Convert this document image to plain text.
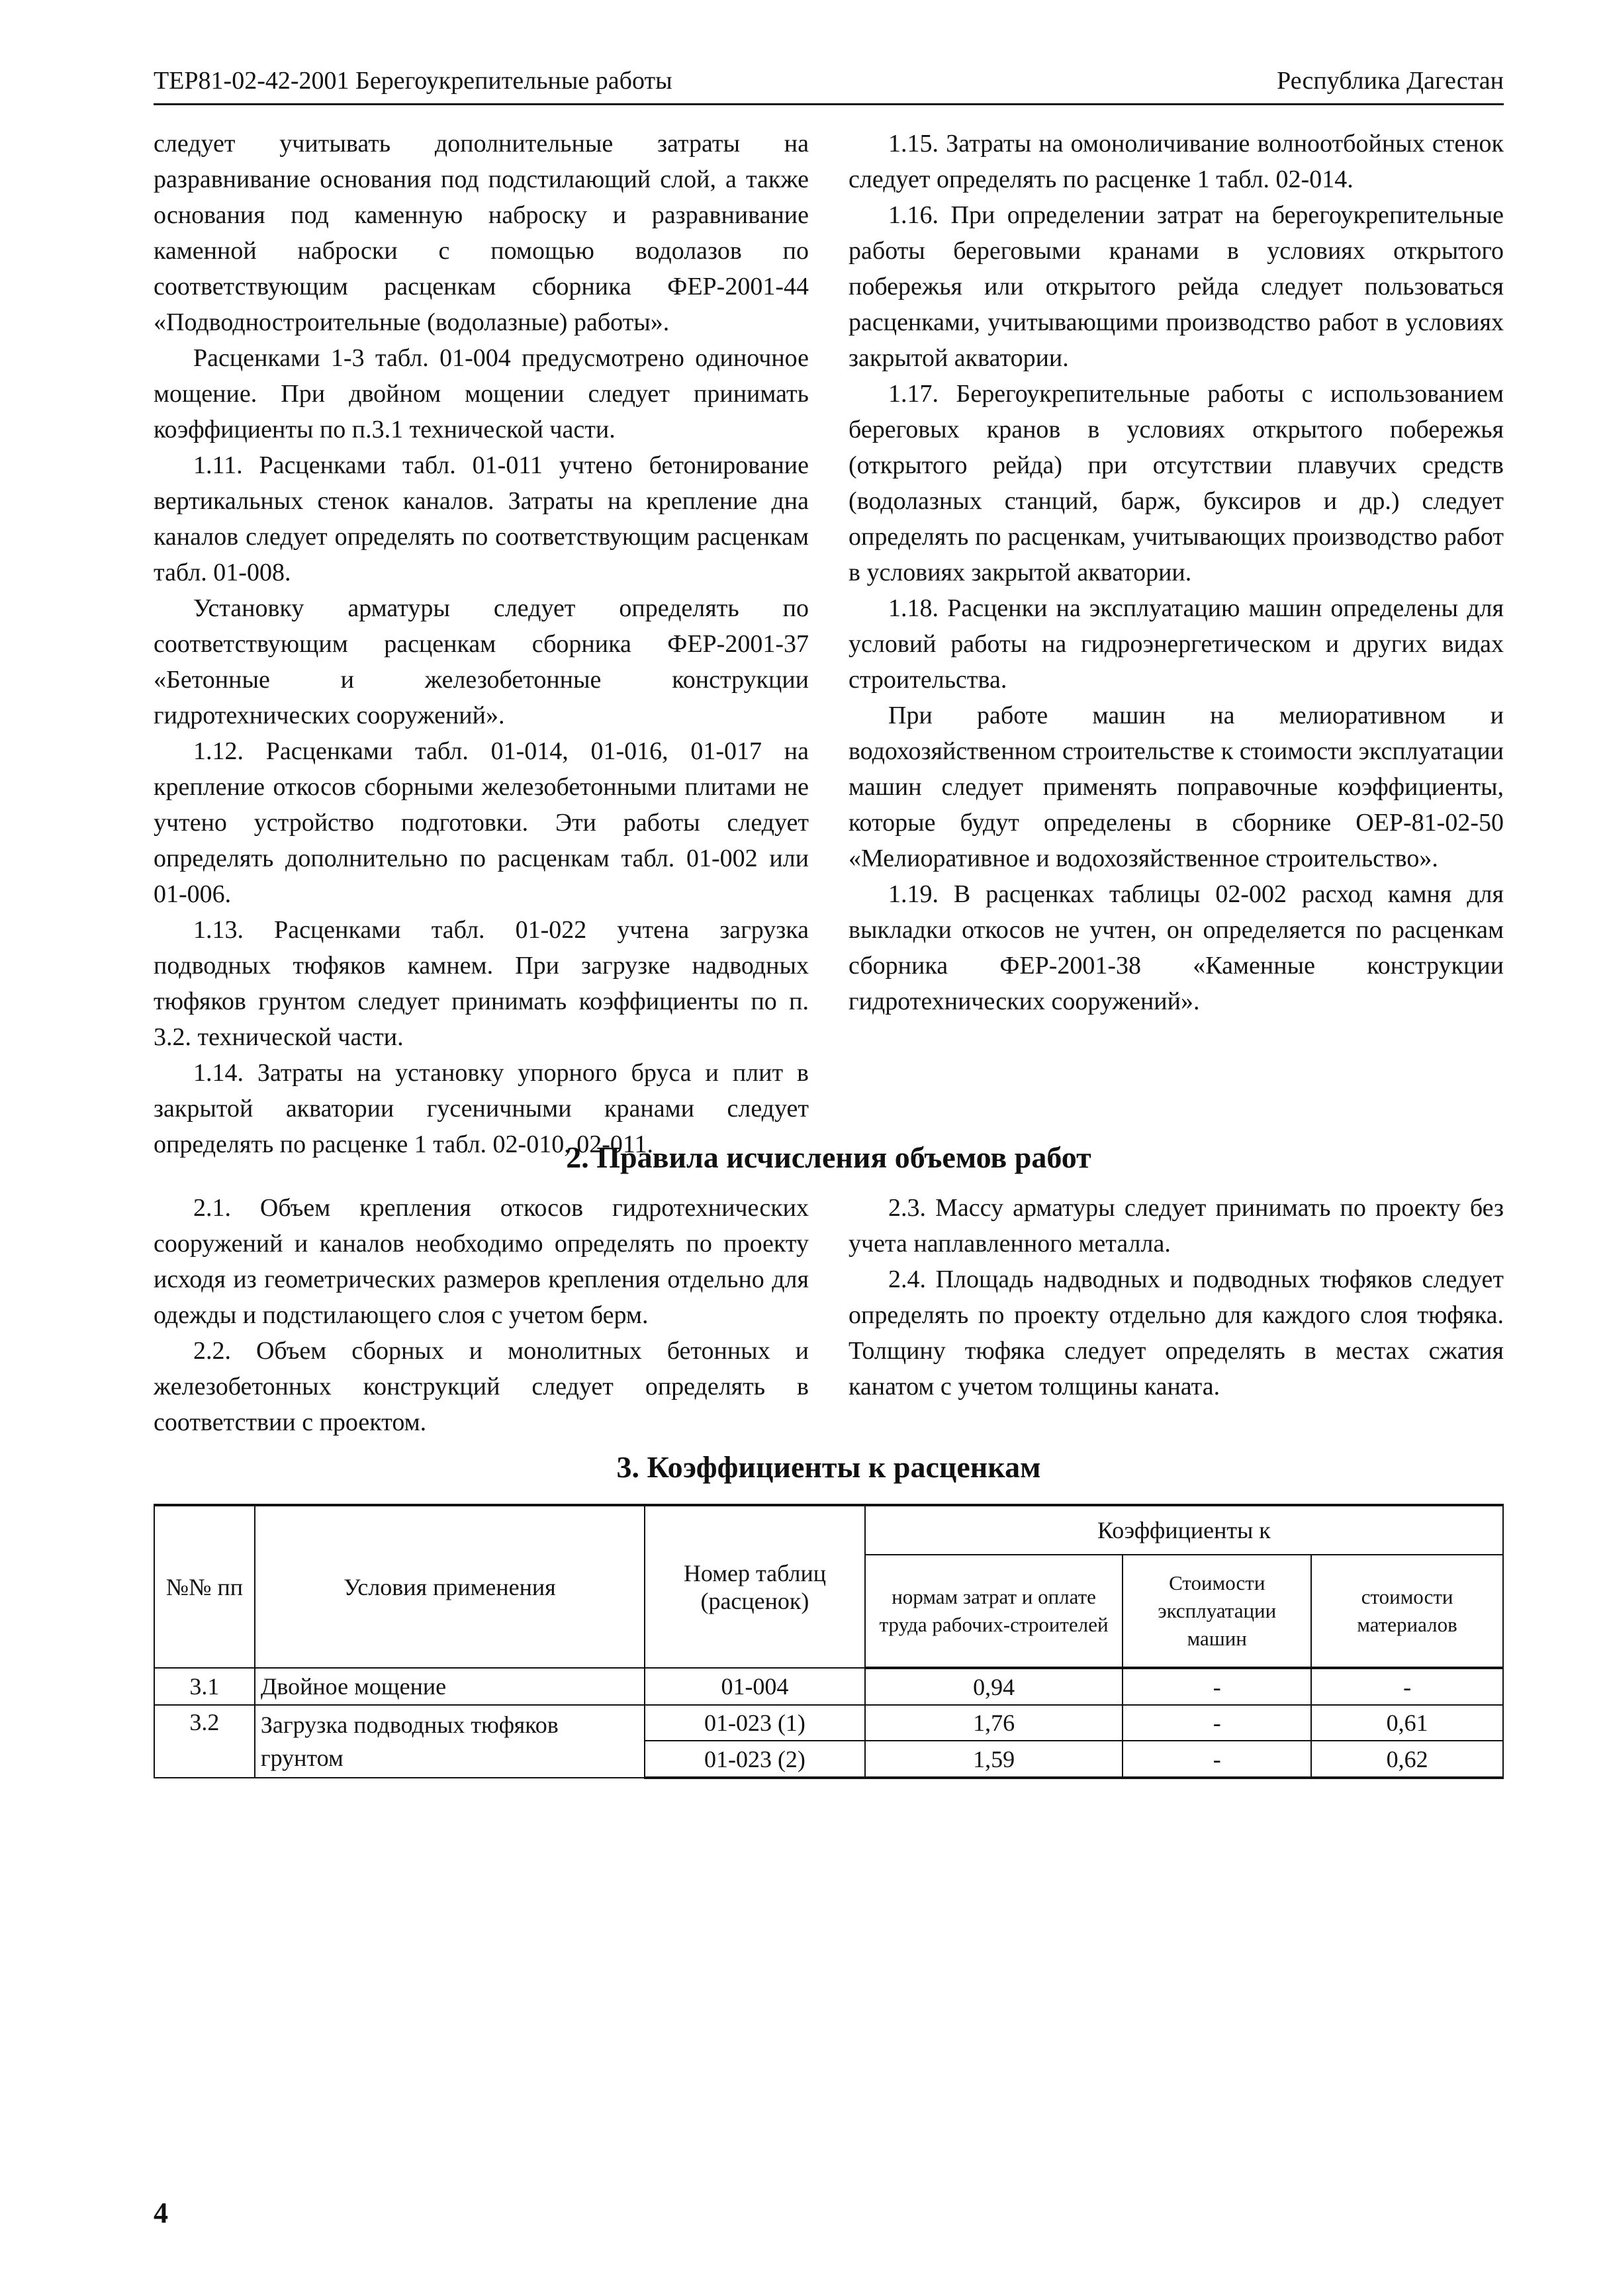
ТЕР81-02-42-2001 Берегоукрепительные работы	Республика Дагестан

следует учитывать дополнительные затраты на разравнивание основания под подстилающий слой, а также основания под каменную наброску и разравнивание каменной наброски с помощью водолазов по соответствующим расценкам сборника ФЕР-2001-44 «Подводностроительные (водолазные) работы».

Расценками 1-3 табл. 01-004 предусмотрено одиночное мощение. При двойном мощении следует принимать коэффициенты по п.3.1 технической части.

1.11. Расценками табл. 01-011 учтено бетонирование вертикальных стенок каналов. Затраты на крепление дна каналов следует определять по соответствующим расценкам табл. 01-008.

Установку арматуры следует определять по соответствующим расценкам сборника ФЕР-2001-37 «Бетонные и железобетонные конструкции гидротехнических сооружений».

1.12. Расценками табл. 01-014, 01-016, 01-017 на крепление откосов сборными железобетонными плитами не учтено устройство подготовки. Эти работы следует определять дополнительно по расценкам табл. 01-002 или 01-006.

1.13. Расценками табл. 01-022 учтена загрузка подводных тюфяков камнем. При загрузке надводных тюфяков грунтом следует принимать коэффициенты по п. 3.2. технической части.

1.14. Затраты на установку упорного бруса и плит в закрытой акватории гусеничными кранами следует определять по расценке 1 табл. 02-010, 02-011.

1.15. Затраты на омоноличивание волноотбойных стенок следует определять по расценке 1 табл. 02-014.

1.16. При определении затрат на берегоукрепительные работы береговыми кранами в условиях открытого побережья или открытого рейда следует пользоваться расценками, учитывающими производство работ в условиях закрытой акватории.

1.17. Берегоукрепительные работы с использованием береговых кранов в условиях открытого побережья (открытого рейда) при отсутствии плавучих средств (водолазных станций, барж, буксиров и др.) следует определять по расценкам, учитывающих производство работ в условиях закрытой акватории.

1.18. Расценки на эксплуатацию машин определены для условий работы на гидроэнергетическом и других видах строительства.

При работе машин на мелиоративном и водохозяйственном строительстве к стоимости эксплуатации машин следует применять поправочные коэффициенты, которые будут определены в сборнике ОЕР-81-02-50 «Мелиоративное и водохозяйственное строительство».

1.19. В расценках таблицы 02-002 расход камня для выкладки откосов не учтен, он определяется по расценкам сборника ФЕР-2001-38 «Каменные конструкции гидротехнических сооружений».

2. Правила исчисления объемов работ

2.1. Объем крепления откосов гидротехнических сооружений и каналов необходимо определять по проекту исходя из геометрических размеров крепления отдельно для одежды и подстилающего слоя с учетом берм.

2.2. Объем сборных и монолитных бетонных и железобетонных конструкций следует определять в соответствии с проектом.

2.3. Массу арматуры следует принимать по проекту без учета наплавленного металла.

2.4. Площадь надводных и подводных тюфяков следует определять по проекту отдельно для каждого слоя тюфяка. Толщину тюфяка следует определять в местах сжатия канатом с учетом толщины каната.

3. Коэффициенты к расценкам
№№ пп	Условия применения	Номер таблиц (расценок)	Коэффициенты к		
			нормам затрат и оплате труда рабочих-строителей	Стоимости эксплуатации машин	стоимости материалов
3.1	Двойное мощение	01-004	0,94	-	-
3.2	Загрузка подводных тюфяков грунтом	01-023 (1)	1,76	-	0,61
		01-023 (2)	1,59	-	0,62
4
